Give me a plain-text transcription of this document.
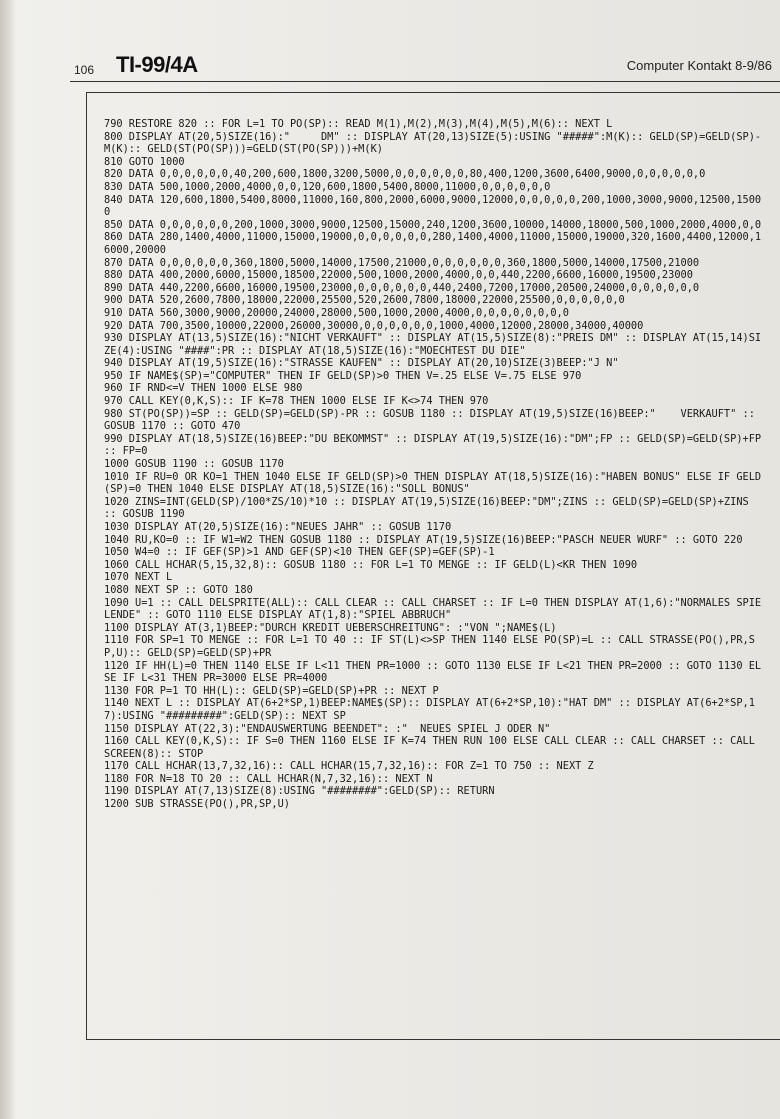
106 TI-99/4A	Computer Kontakt 8-9/86
790 RESTORE 820 :: FOR L=1 TO PO(SP):: READ M(1),M(2),M(3),M(4),M(5),M(6):: NEXT L
800 DISPLAY AT(20,5)SIZE(16):"     DM" :: DISPLAY AT(20,13)SIZE(5):USING "#####":M(K):: GELD(SP)=GELD(SP)-M(K):: GELD(ST(PO(SP)))=GELD(ST(PO(SP)))+M(K)
810 GOTO 1000
820 DATA 0,0,0,0,0,0,40,200,600,1800,3200,5000,0,0,0,0,0,0,80,400,1200,3600,6400,9000,0,0,0,0,0,0
830 DATA 500,1000,2000,4000,0,0,120,600,1800,5400,8000,11000,0,0,0,0,0,0
840 DATA 120,600,1800,5400,8000,11000,160,800,2000,6000,9000,12000,0,0,0,0,0,200,1000,3000,9000,12500,15000
850 DATA 0,0,0,0,0,0,200,1000,3000,9000,12500,15000,240,1200,3600,10000,14000,18000,500,1000,2000,4000,0,0
860 DATA 280,1400,4000,11000,15000,19000,0,0,0,0,0,0,280,1400,4000,11000,15000,19000,320,1600,4400,12000,16000,20000
870 DATA 0,0,0,0,0,0,360,1800,5000,14000,17500,21000,0,0,0,0,0,0,360,1800,5000,14000,17500,21000
880 DATA 400,2000,6000,15000,18500,22000,500,1000,2000,4000,0,0,440,2200,6600,16000,19500,23000
890 DATA 440,2200,6600,16000,19500,23000,0,0,0,0,0,0,440,2400,7200,17000,20500,24000,0,0,0,0,0,0
900 DATA 520,2600,7800,18000,22000,25500,520,2600,7800,18000,22000,25500,0,0,0,0,0,0
910 DATA 560,3000,9000,20000,24000,28000,500,1000,2000,4000,0,0,0,0,0,0,0,0
920 DATA 700,3500,10000,22000,26000,30000,0,0,0,0,0,0,1000,4000,12000,28000,34000,40000
930 DISPLAY AT(13,5)SIZE(16):"NICHT VERKAUFT" :: DISPLAY AT(15,5)SIZE(8):"PREIS DM" :: DISPLAY AT(15,14)SIZE(4):USING "####":PR :: DISPLAY AT(18,5)SIZE(16):"MOECHTEST DU DIE"
940 DISPLAY AT(19,5)SIZE(16):"STRASSE KAUFEN" :: DISPLAY AT(20,10)SIZE(3)BEEP:"J N"
950 IF NAME$(SP)="COMPUTER" THEN IF GELD(SP)>0 THEN V=.25 ELSE V=.75 ELSE 970
960 IF RND<=V THEN 1000 ELSE 980
970 CALL KEY(0,K,S):: IF K=78 THEN 1000 ELSE IF K<>74 THEN 970
980 ST(PO(SP))=SP :: GELD(SP)=GELD(SP)-PR :: GOSUB 1180 :: DISPLAY AT(19,5)SIZE(16)BEEP:"    VERKAUFT" :: GOSUB 1170 :: GOTO 470
990 DISPLAY AT(18,5)SIZE(16)BEEP:"DU BEKOMMST" :: DISPLAY AT(19,5)SIZE(16):"DM";FP :: GELD(SP)=GELD(SP)+FP :: FP=0
1000 GOSUB 1190 :: GOSUB 1170
1010 IF RU=0 OR KO=1 THEN 1040 ELSE IF GELD(SP)>0 THEN DISPLAY AT(18,5)SIZE(16):"HABEN BONUS" ELSE IF GELD(SP)=0 THEN 1040 ELSE DISPLAY AT(18,5)SIZE(16):"SOLL BONUS"
1020 ZINS=INT(GELD(SP)/100*ZS/10)*10 :: DISPLAY AT(19,5)SIZE(16)BEEP:"DM";ZINS :: GELD(SP)=GELD(SP)+ZINS :: GOSUB 1190
1030 DISPLAY AT(20,5)SIZE(16):"NEUES JAHR" :: GOSUB 1170
1040 RU,KO=0 :: IF W1=W2 THEN GOSUB 1180 :: DISPLAY AT(19,5)SIZE(16)BEEP:"PASCH NEUER WURF" :: GOTO 220
1050 W4=0 :: IF GEF(SP)>1 AND GEF(SP)<10 THEN GEF(SP)=GEF(SP)-1
1060 CALL HCHAR(5,15,32,8):: GOSUB 1180 :: FOR L=1 TO MENGE :: IF GELD(L)<KR THEN 1090
1070 NEXT L
1080 NEXT SP :: GOTO 180
1090 U=1 :: CALL DELSPRITE(ALL):: CALL CLEAR :: CALL CHARSET :: IF L=0 THEN DISPLAY AT(1,6):"NORMALES SPIELENDE" :: GOTO 1110 ELSE DISPLAY AT(1,8):"SPIEL ABBRUCH"
1100 DISPLAY AT(3,1)BEEP:"DURCH KREDIT UEBERSCHREITUNG": :"VON ";NAME$(L)
1110 FOR SP=1 TO MENGE :: FOR L=1 TO 40 :: IF ST(L)<>SP THEN 1140 ELSE PO(SP)=L :: CALL STRASSE(PO(),PR,SP,U):: GELD(SP)=GELD(SP)+PR
1120 IF HH(L)=0 THEN 1140 ELSE IF L<11 THEN PR=1000 :: GOTO 1130 ELSE IF L<21 THEN PR=2000 :: GOTO 1130 ELSE IF L<31 THEN PR=3000 ELSE PR=4000
1130 FOR P=1 TO HH(L):: GELD(SP)=GELD(SP)+PR :: NEXT P
1140 NEXT L :: DISPLAY AT(6+2*SP,1)BEEP:NAME$(SP):: DISPLAY AT(6+2*SP,10):"HAT DM" :: DISPLAY AT(6+2*SP,17):USING "#########":GELD(SP):: NEXT SP
1150 DISPLAY AT(22,3):"ENDAUSWERTUNG BEENDET": :"  NEUES SPIEL J ODER N"
1160 CALL KEY(0,K,S):: IF S=0 THEN 1160 ELSE IF K=74 THEN RUN 100 ELSE CALL CLEAR :: CALL CHARSET :: CALL SCREEN(8):: STOP
1170 CALL HCHAR(13,7,32,16):: CALL HCHAR(15,7,32,16):: FOR Z=1 TO 750 :: NEXT Z
1180 FOR N=18 TO 20 :: CALL HCHAR(N,7,32,16):: NEXT N
1190 DISPLAY AT(7,13)SIZE(8):USING "########":GELD(SP):: RETURN
1200 SUB STRASSE(PO(),PR,SP,U)
